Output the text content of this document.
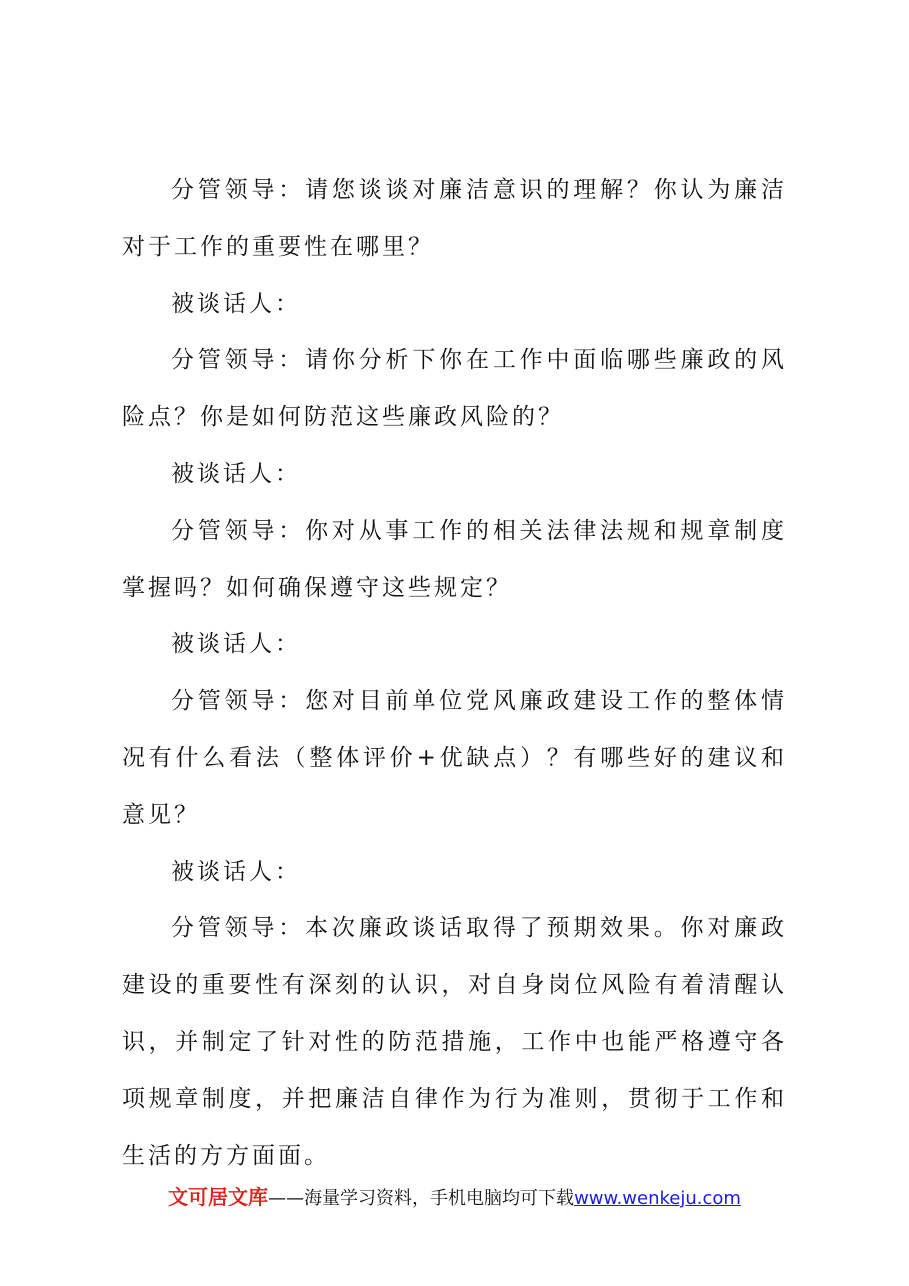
分管领导：请您谈谈对廉洁意识的理解？你认为廉洁对于工作的重要性在哪里？

被谈话人：

分管领导：请你分析下你在工作中面临哪些廉政的风险点？你是如何防范这些廉政风险的？

被谈话人：

分管领导：你对从事工作的相关法律法规和规章制度掌握吗？如何确保遵守这些规定？

被谈话人：

分管领导：您对目前单位党风廉政建设工作的整体情况有什么看法（整体评价+优缺点）？有哪些好的建议和意见？

被谈话人：

分管领导：本次廉政谈话取得了预期效果。你对廉政建设的重要性有深刻的认识，对自身岗位风险有着清醒认识，并制定了针对性的防范措施，工作中也能严格遵守各项规章制度，并把廉洁自律作为行为准则，贯彻于工作和生活的方方面面。

文可居文库——海量学习资料，手机电脑均可下载www.wenkeju.com
